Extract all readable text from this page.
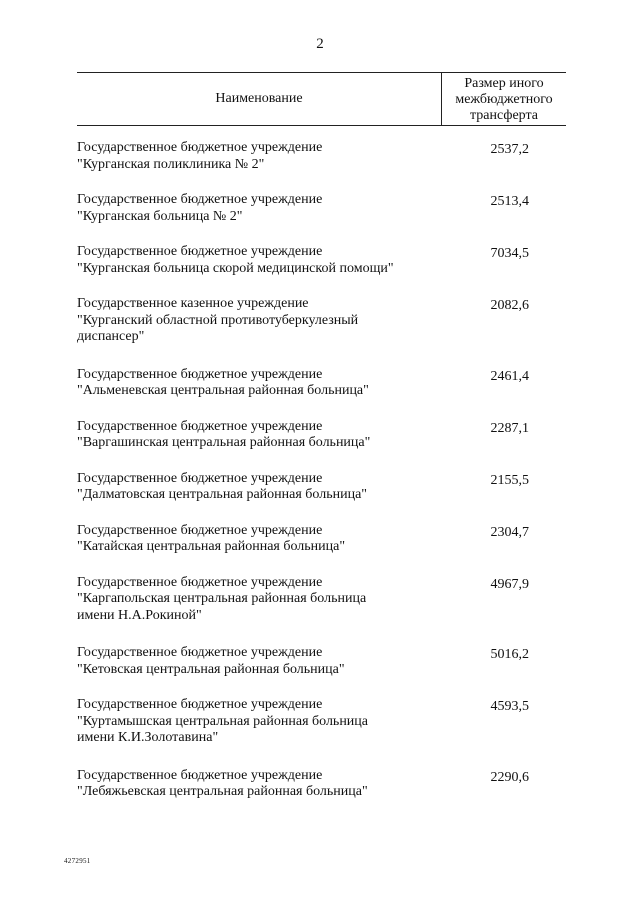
2
Наименование
Размер иного
межбюджетного
трансферта
Государственное бюджетное учреждение
"Курганская поликлиника № 2"
2537,2
Государственное бюджетное учреждение
"Курганская больница № 2"
2513,4
Государственное бюджетное учреждение
"Курганская больница скорой медицинской помощи"
7034,5
Государственное казенное учреждение
"Курганский областной противотуберкулезный
диспансер"
2082,6
Государственное бюджетное учреждение
"Альменевская центральная районная больница"
2461,4
Государственное бюджетное учреждение
"Варгашинская центральная районная больница"
2287,1
Государственное бюджетное учреждение
"Далматовская центральная районная больница"
2155,5
Государственное бюджетное учреждение
"Катайская центральная районная больница"
2304,7
Государственное бюджетное учреждение
"Каргапольская центральная районная больница
имени Н.А.Рокиной"
4967,9
Государственное бюджетное учреждение
"Кетовская центральная районная больница"
5016,2
Государственное бюджетное учреждение
"Куртамышская центральная районная больница
имени К.И.Золотавина"
4593,5
Государственное бюджетное учреждение
"Лебяжьевская центральная районная больница"
2290,6
4272951
